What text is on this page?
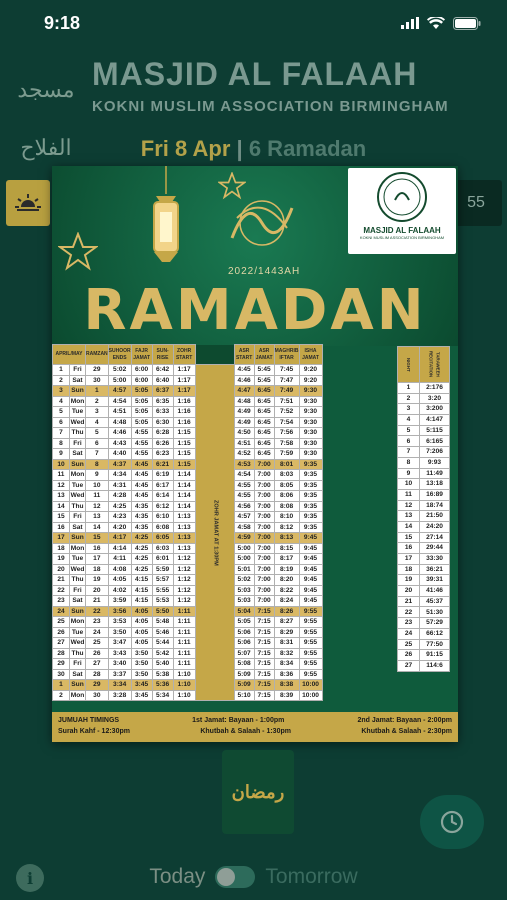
9:18
مسجد الفلاح
MASJID AL FALAAH
KOKNI MUSLIM ASSOCIATION BIRMINGHAM
Fri 8 Apr | 6 Ramadan
55
MASJID AL FALAAH
KOKNI MUSLIM ASSOCIATION BIRMINGHAM
2022/1443AH
RAMADAN
APRIL/MAY		RAMZAN	SUHOOR ENDS	FAJR JAMAT	SUN-RISE	ZOHR START		ASR START	ASR JAMAT	MAGHRIB IFTAR	ISHA JAMAT
1	Fri	29	5:02	6:00	6:42	1:17	ZOHR JAMAT AT 1:30PM	4:45	5:45	7:45	9:20
2	Sat	30	5:00	6:00	6:40	1:17		4:46	5:45	7:47	9:20
3	Sun	1	4:57	5:05	6:37	1:17		4:47	6:45	7:49	9:30
4	Mon	2	4:54	5:05	6:35	1:16		4:48	6:45	7:51	9:30
5	Tue	3	4:51	5:05	6:33	1:16		4:49	6:45	7:52	9:30
6	Wed	4	4:48	5:05	6:30	1:16		4:49	6:45	7:54	9:30
7	Thu	5	4:46	4:55	6:28	1:15		4:50	6:45	7:56	9:30
8	Fri	6	4:43	4:55	6:26	1:15		4:51	6:45	7:58	9:30
9	Sat	7	4:40	4:55	6:23	1:15		4:52	6:45	7:59	9:30
10	Sun	8	4:37	4:45	6:21	1:15		4:53	7:00	8:01	9:35
11	Mon	9	4:34	4:45	6:19	1:14		4:54	7:00	8:03	9:35
12	Tue	10	4:31	4:45	6:17	1:14		4:55	7:00	8:05	9:35
13	Wed	11	4:28	4:45	6:14	1:14		4:55	7:00	8:06	9:35
14	Thu	12	4:25	4:35	6:12	1:14		4:56	7:00	8:08	9:35
15	Fri	13	4:23	4:35	6:10	1:13		4:57	7:00	8:10	9:35
16	Sat	14	4:20	4:35	6:08	1:13		4:58	7:00	8:12	9:35
17	Sun	15	4:17	4:25	6:05	1:13		4:59	7:00	8:13	9:45
18	Mon	16	4:14	4:25	6:03	1:13		5:00	7:00	8:15	9:45
19	Tue	17	4:11	4:25	6:01	1:12		5:00	7:00	8:17	9:45
20	Wed	18	4:08	4:25	5:59	1:12		5:01	7:00	8:19	9:45
21	Thu	19	4:05	4:15	5:57	1:12		5:02	7:00	8:20	9:45
22	Fri	20	4:02	4:15	5:55	1:12		5:03	7:00	8:22	9:45
23	Sat	21	3:59	4:15	5:53	1:12		5:03	7:00	8:24	9:45
24	Sun	22	3:56	4:05	5:50	1:11		5:04	7:15	8:26	9:55
25	Mon	23	3:53	4:05	5:48	1:11		5:05	7:15	8:27	9:55
26	Tue	24	3:50	4:05	5:46	1:11		5:06	7:15	8:29	9:55
27	Wed	25	3:47	4:05	5:44	1:11		5:06	7:15	8:31	9:55
28	Thu	26	3:43	3:50	5:42	1:11		5:07	7:15	8:32	9:55
29	Fri	27	3:40	3:50	5:40	1:11		5:08	7:15	8:34	9:55
30	Sat	28	3:37	3:50	5:38	1:10		5:09	7:15	8:36	9:55
1	Sun	29	3:34	3:45	5:36	1:10		5:09	7:15	8:38	10:00
2	Mon	30	3:28	3:45	5:34	1:10		5:10	7:15	8:39	10:00
NIGHT	TARAWEEH RECITATION
1	2:176
2	3:20
3	3:200
4	4:147
5	5:115
6	6:165
7	7:206
8	9:93
9	11:49
10	13:18
11	16:89
12	18:74
13	21:50
14	24:20
15	27:14
16	29:44
17	33:30
18	36:21
19	39:31
20	41:46
21	45:37
22	51:30
23	57:29
24	66:12
25	77:50
26	91:15
27	114:6
JUMUAH TIMINGS	1st Jamat: Bayaan - 1:00pm	2nd Jamat: Bayaan - 2:00pm
Surah Kahf - 12:30pm	Khutbah & Salaah - 1:30pm	Khutbah & Salaah - 2:30pm
رمضان
i	Today	Tomorrow
